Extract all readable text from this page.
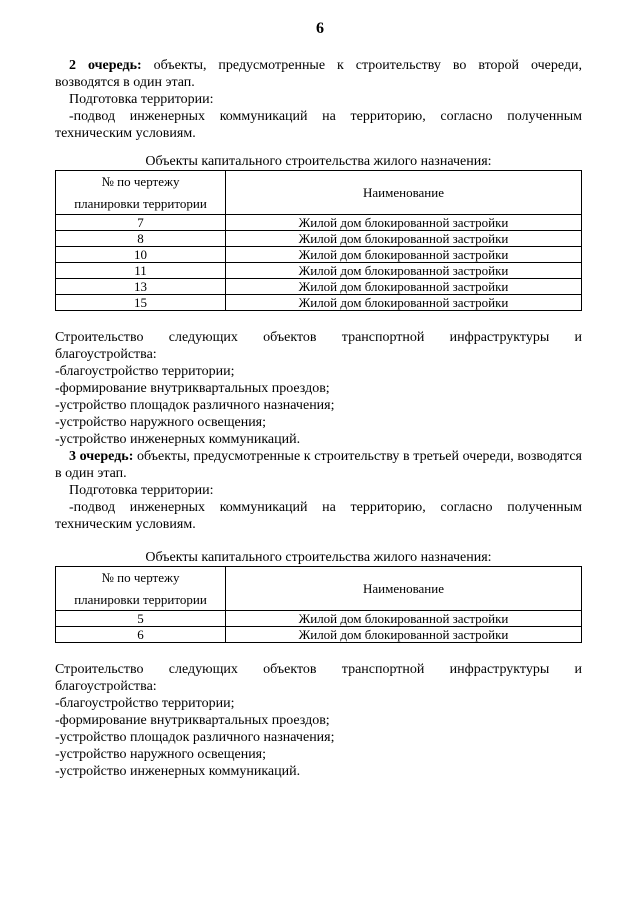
6

2 очередь: объекты, предусмотренные к строительству во второй очереди, возводятся в один этап.

Подготовка территории:

-подвод инженерных коммуникаций на территорию, согласно полученным техническим условиям.

Объекты капитального строительства жилого назначения:

№ по чертежу
планировки территории	Наименование
7	Жилой дом блокированной застройки
8	Жилой дом блокированной застройки
10	Жилой дом блокированной застройки
11	Жилой дом блокированной застройки
13	Жилой дом блокированной застройки
15	Жилой дом блокированной застройки

Строительство следующих объектов транспортной инфраструктуры и

благоустройства:

-благоустройство территории;

-формирование внутриквартальных проездов;

-устройство площадок различного назначения;

-устройство наружного освещения;

-устройство инженерных коммуникаций.

3 очередь: объекты, предусмотренные к строительству в третьей очереди, возводятся в один этап.

Подготовка территории:

-подвод инженерных коммуникаций на территорию, согласно полученным техническим условиям.

Объекты капитального строительства жилого назначения:

№ по чертежу
планировки территории	Наименование
5	Жилой дом блокированной застройки
6	Жилой дом блокированной застройки

Строительство следующих объектов транспортной инфраструктуры и

благоустройства:

-благоустройство территории;

-формирование внутриквартальных проездов;

-устройство площадок различного назначения;

-устройство наружного освещения;

-устройство инженерных коммуникаций.
